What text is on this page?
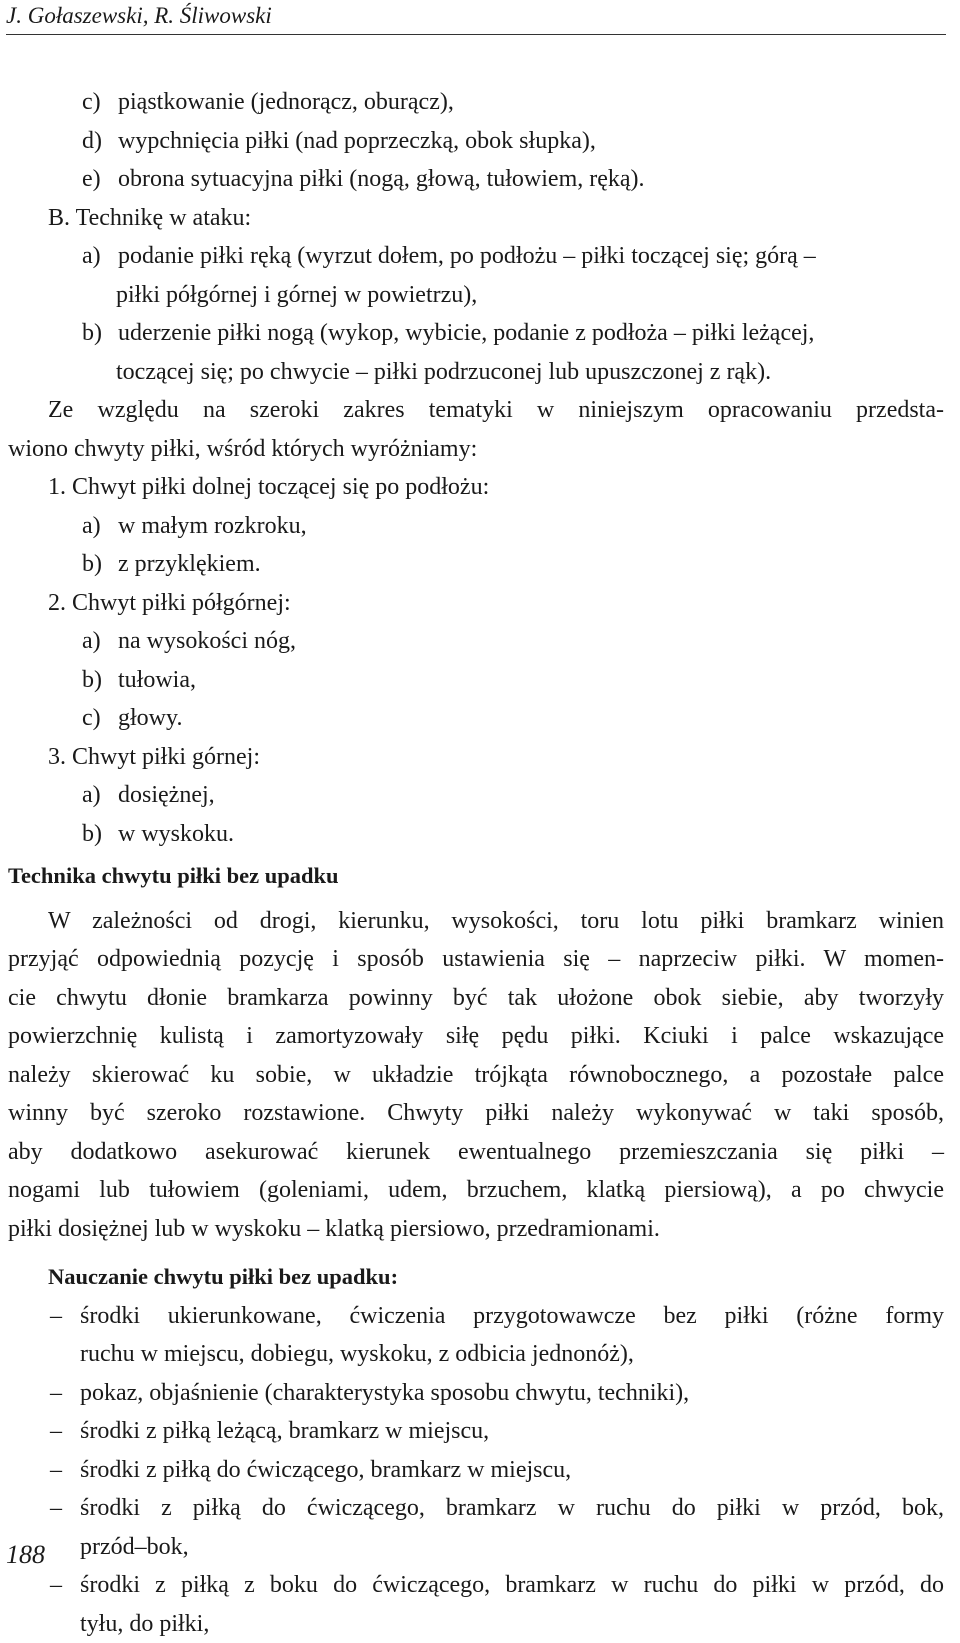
J. Gołaszewski, R. Śliwowski
c) piąstkowanie (jednorącz, oburącz),
d) wypchnięcia piłki (nad poprzeczką, obok słupka),
e) obrona sytuacyjna piłki (nogą, głową, tułowiem, ręką).
B. Technikę w ataku:
a) podanie piłki ręką (wyrzut dołem, po podłożu – piłki toczącej się; górą –
piłki półgórnej i górnej w powietrzu),
b) uderzenie piłki nogą (wykop, wybicie, podanie z podłoża – piłki leżącej,
toczącej się; po chwycie – piłki podrzuconej lub upuszczonej z rąk).
Ze względu na szeroki zakres tematyki w niniejszym opracowaniu przedsta-
wiono chwyty piłki, wśród których wyróżniamy:
1. Chwyt piłki dolnej toczącej się po podłożu:
a) w małym rozkroku,
b) z przyklękiem.
2. Chwyt piłki półgórnej:
a) na wysokości nóg,
b) tułowia,
c) głowy.
3. Chwyt piłki górnej:
a) dosiężnej,
b) w wyskoku.
Technika chwytu piłki bez upadku
W zależności od drogi, kierunku, wysokości, toru lotu piłki bramkarz winien
przyjąć odpowiednią pozycję i sposób ustawienia się – naprzeciw piłki. W momen-
cie chwytu dłonie bramkarza powinny być tak ułożone obok siebie, aby tworzyły
powierzchnię kulistą i zamortyzowały siłę pędu piłki. Kciuki i palce wskazujące
należy skierować ku sobie, w układzie trójkąta równobocznego, a pozostałe palce
winny być szeroko rozstawione. Chwyty piłki należy wykonywać w taki sposób,
aby dodatkowo asekurować kierunek ewentualnego przemieszczania się piłki –
nogami lub tułowiem (goleniami, udem, brzuchem, klatką piersiową), a po chwycie
piłki dosiężnej lub w wyskoku – klatką piersiowo, przedramionami.
Nauczanie chwytu piłki bez upadku:
– środki ukierunkowane, ćwiczenia przygotowawcze bez piłki (różne formy
ruchu w miejscu, dobiegu, wyskoku, z odbicia jednonóż),
– pokaz, objaśnienie (charakterystyka sposobu chwytu, techniki),
– środki z piłką leżącą, bramkarz w miejscu,
– środki z piłką do ćwiczącego, bramkarz w miejscu,
– środki z piłką do ćwiczącego, bramkarz w ruchu do piłki w przód, bok,
przód–bok,
– środki z piłką z boku do ćwiczącego, bramkarz w ruchu do piłki w przód, do
tyłu, do piłki,
188
